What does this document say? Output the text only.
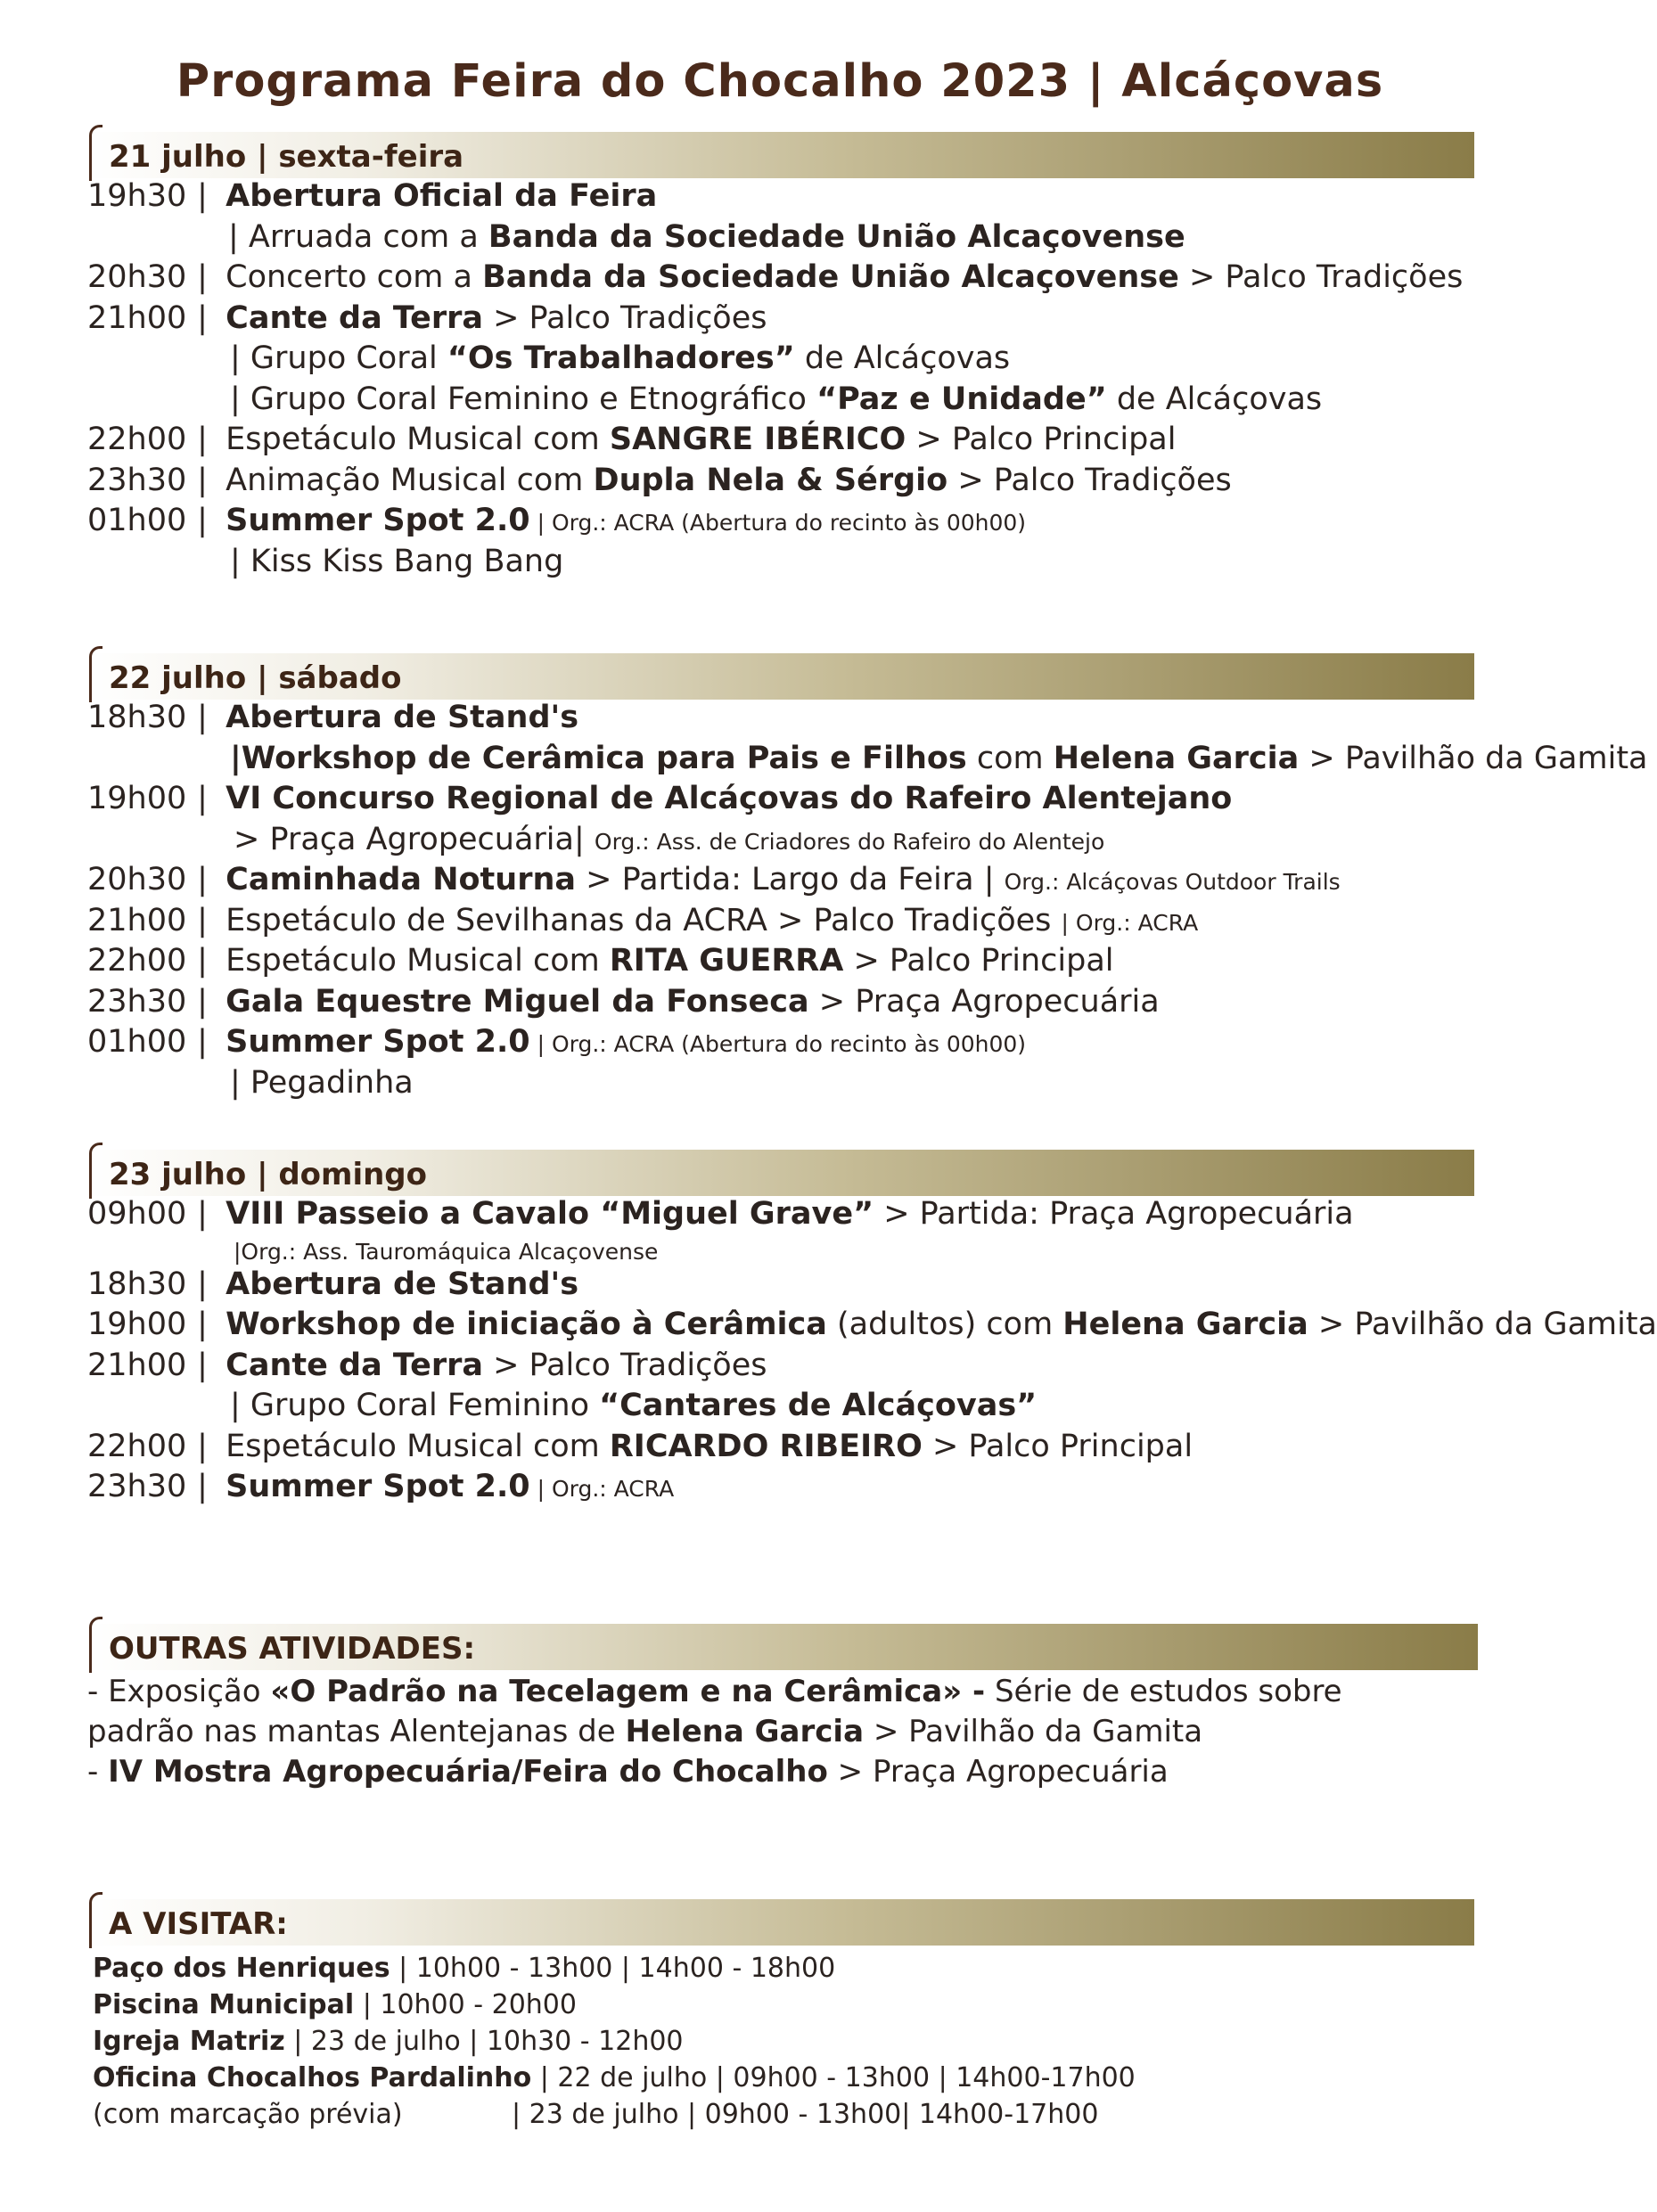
Programa Feira do Chocalho 2023 | Alcáçovas
21 julho | sexta-feira
19h30 | Abertura Oficial da Feira
| Arruada com a Banda da Sociedade União Alcaçovense
20h30 | Concerto com a Banda da Sociedade União Alcaçovense > Palco Tradições
21h00 | Cante da Terra > Palco Tradições
| Grupo Coral “Os Trabalhadores” de Alcáçovas
| Grupo Coral Feminino e Etnográfico “Paz e Unidade” de Alcáçovas
22h00 | Espetáculo Musical com SANGRE IBÉRICO > Palco Principal
23h30 | Animação Musical com Dupla Nela & Sérgio > Palco Tradições
01h00 | Summer Spot 2.0 | Org.: ACRA (Abertura do recinto às 00h00)
| Kiss Kiss Bang Bang
22 julho | sábado
18h30 | Abertura de Stand's
|Workshop de Cerâmica para Pais e Filhos com Helena Garcia > Pavilhão da Gamita
19h00 | VI Concurso Regional de Alcáçovas do Rafeiro Alentejano
> Praça Agropecuária| Org.: Ass. de Criadores do Rafeiro do Alentejo
20h30 | Caminhada Noturna > Partida: Largo da Feira | Org.: Alcáçovas Outdoor Trails
21h00 | Espetáculo de Sevilhanas da ACRA > Palco Tradições | Org.: ACRA
22h00 | Espetáculo Musical com RITA GUERRA > Palco Principal
23h30 | Gala Equestre Miguel da Fonseca > Praça Agropecuária
01h00 | Summer Spot 2.0 | Org.: ACRA (Abertura do recinto às 00h00)
| Pegadinha
23 julho | domingo
09h00 | VIII Passeio a Cavalo “Miguel Grave” > Partida: Praça Agropecuária
|Org.: Ass. Tauromáquica Alcaçovense
18h30 | Abertura de Stand's
19h00 | Workshop de iniciação à Cerâmica (adultos) com Helena Garcia > Pavilhão da Gamita
21h00 | Cante da Terra > Palco Tradições
| Grupo Coral Feminino “Cantares de Alcáçovas”
22h00 | Espetáculo Musical com RICARDO RIBEIRO > Palco Principal
23h30 | Summer Spot 2.0 | Org.: ACRA
OUTRAS ATIVIDADES:
- Exposição «O Padrão na Tecelagem e na Cerâmica» - Série de estudos sobre
padrão nas mantas Alentejanas de Helena Garcia > Pavilhão da Gamita
- IV Mostra Agropecuária/Feira do Chocalho > Praça Agropecuária
A VISITAR:
Paço dos Henriques | 10h00 - 13h00 | 14h00 - 18h00
Piscina Municipal | 10h00 - 20h00
Igreja Matriz | 23 de julho | 10h30 - 12h00
Oficina Chocalhos Pardalinho | 22 de julho | 09h00 - 13h00 | 14h00-17h00
(com marcação prévia)	| 23 de julho | 09h00 - 13h00| 14h00-17h00
